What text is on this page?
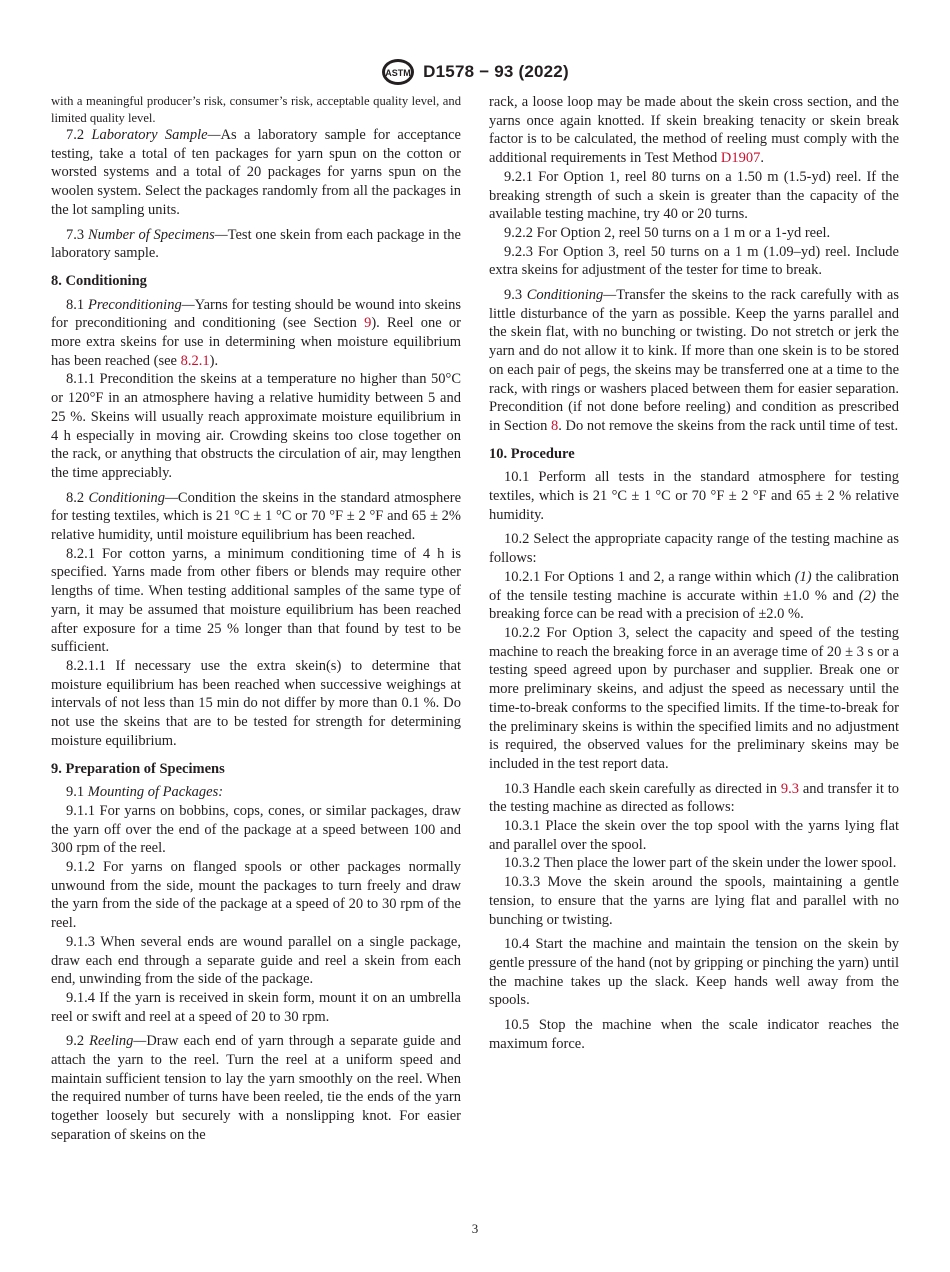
ASTM D1578 − 93 (2022)

with a meaningful producer’s risk, consumer’s risk, acceptable quality level, and limited quality level.

7.2 Laboratory Sample—As a laboratory sample for acceptance testing, take a total of ten packages for yarn spun on the cotton or worsted systems and a total of 20 packages for yarns spun on the woolen system. Select the packages randomly from all the packages in the lot sampling units.

7.3 Number of Specimens—Test one skein from each package in the laboratory sample.

8. Conditioning

8.1 Preconditioning—Yarns for testing should be wound into skeins for preconditioning and conditioning (see Section 9). Reel one or more extra skeins for use in determining when moisture equilibrium has been reached (see 8.2.1).

8.1.1 Precondition the skeins at a temperature no higher than 50°C or 120°F in an atmosphere having a relative humidity between 5 and 25 %. Skeins will usually reach approximate moisture equilibrium in 4 h especially in moving air. Crowding skeins too close together on the rack, or anything that obstructs the circulation of air, may lengthen the time appreciably.

8.2 Conditioning—Condition the skeins in the standard atmosphere for testing textiles, which is 21 °C ± 1 °C or 70 °F ± 2 °F and 65 ± 2% relative humidity, until moisture equilibrium has been reached.

8.2.1 For cotton yarns, a minimum conditioning time of 4 h is specified. Yarns made from other fibers or blends may require other lengths of time. When testing additional samples of the same type of yarn, it may be assumed that moisture equilibrium has been reached after exposure for a time 25 % longer than that found by test to be sufficient.

8.2.1.1 If necessary use the extra skein(s) to determine that moisture equilibrium has been reached when successive weighings at intervals of not less than 15 min do not differ by more than 0.1 %. Do not use the skeins that are to be tested for strength for determining moisture equilibrium.

9. Preparation of Specimens

9.1 Mounting of Packages:

9.1.1 For yarns on bobbins, cops, cones, or similar packages, draw the yarn off over the end of the package at a speed between 100 and 300 rpm of the reel.

9.1.2 For yarns on flanged spools or other packages normally unwound from the side, mount the packages to turn freely and draw the yarn from the side of the package at a speed of 20 to 30 rpm of the reel.

9.1.3 When several ends are wound parallel on a single package, draw each end through a separate guide and reel a skein from each end, unwinding from the side of the package.

9.1.4 If the yarn is received in skein form, mount it on an umbrella reel or swift and reel at a speed of 20 to 30 rpm.

9.2 Reeling—Draw each end of yarn through a separate guide and attach the yarn to the reel. Turn the reel at a uniform speed and maintain sufficient tension to lay the yarn smoothly on the reel. When the required number of turns have been reeled, tie the ends of the yarn together loosely but securely with a nonslipping knot. For easier separation of skeins on the

rack, a loose loop may be made about the skein cross section, and the yarns once again knotted. If skein breaking tenacity or skein break factor is to be calculated, the method of reeling must comply with the additional requirements in Test Method D1907.

9.2.1 For Option 1, reel 80 turns on a 1.50 m (1.5-yd) reel. If the breaking strength of such a skein is greater than the capacity of the available testing machine, try 40 or 20 turns.

9.2.2 For Option 2, reel 50 turns on a 1 m or a 1-yd reel.

9.2.3 For Option 3, reel 50 turns on a 1 m (1.09–yd) reel. Include extra skeins for adjustment of the tester for time to break.

9.3 Conditioning—Transfer the skeins to the rack carefully with as little disturbance of the yarn as possible. Keep the yarns parallel and the skein flat, with no bunching or twisting. Do not stretch or jerk the yarn and do not allow it to kink. If more than one skein is to be stored on each pair of pegs, the skeins may be transferred one at a time to the rack, with rings or washers placed between them for easier separation. Precondition (if not done before reeling) and condition as prescribed in Section 8. Do not remove the skeins from the rack until time of test.

10. Procedure

10.1 Perform all tests in the standard atmosphere for testing textiles, which is 21 °C ± 1 °C or 70 °F ± 2 °F and 65 ± 2 % relative humidity.

10.2 Select the appropriate capacity range of the testing machine as follows:

10.2.1 For Options 1 and 2, a range within which (1) the calibration of the tensile testing machine is accurate within ±1.0 % and (2) the breaking force can be read with a precision of ±2.0 %.

10.2.2 For Option 3, select the capacity and speed of the testing machine to reach the breaking force in an average time of 20 ± 3 s or a testing speed agreed upon by purchaser and supplier. Break one or more preliminary skeins, and adjust the speed as necessary until the time-to-break conforms to the specified limits. If the time-to-break for the preliminary skeins is within the specified limits and no adjustment is required, the observed values for the preliminary skeins may be included in the test report data.

10.3 Handle each skein carefully as directed in 9.3 and transfer it to the testing machine as directed as follows:

10.3.1 Place the skein over the top spool with the yarns lying flat and parallel over the spool.

10.3.2 Then place the lower part of the skein under the lower spool.

10.3.3 Move the skein around the spools, maintaining a gentle tension, to ensure that the yarns are lying flat and parallel with no bunching or twisting.

10.4 Start the machine and maintain the tension on the skein by gentle pressure of the hand (not by gripping or pinching the yarn) until the machine takes up the slack. Keep hands well away from the spools.

10.5 Stop the machine when the scale indicator reaches the maximum force.

3
